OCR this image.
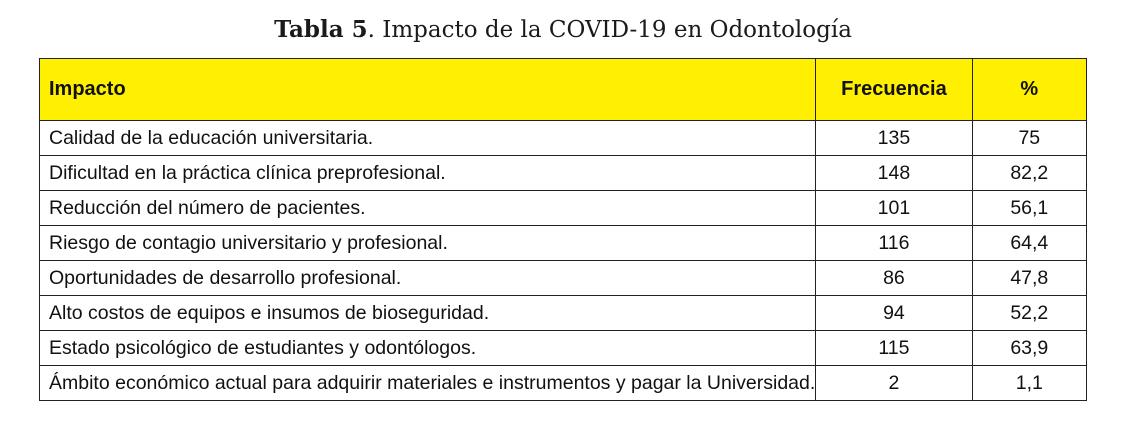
Tabla 5. Impacto de la COVID-19 en Odontología
Impacto	Frecuencia	%
Calidad de la educación universitaria.	135	75
Dificultad en la práctica clínica preprofesional.	148	82,2
Reducción del número de pacientes.	101	56,1
Riesgo de contagio universitario y profesional.	116	64,4
Oportunidades de desarrollo profesional.	86	47,8
Alto costos de equipos e insumos de bioseguridad.	94	52,2
Estado psicológico de estudiantes y odontólogos.	115	63,9
Ámbito económico actual para adquirir materiales e instrumentos y pagar la Universidad.	2	1,1
